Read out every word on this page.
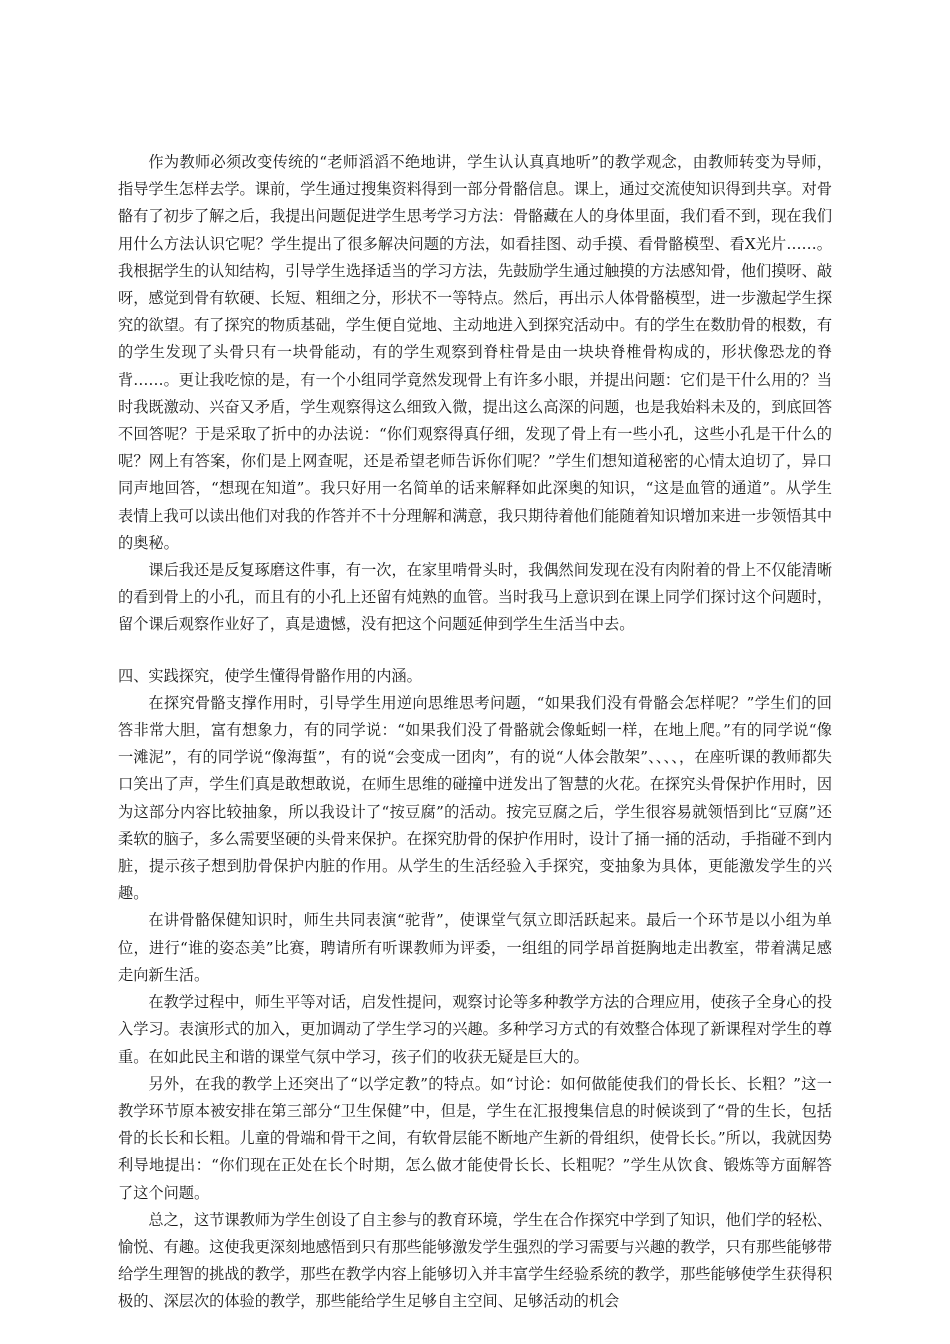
作为教师必须改变传统的“老师滔滔不绝地讲，学生认认真真地听”的教学观念，由教师转变为导师，指导学生怎样去学。课前，学生通过搜集资料得到一部分骨骼信息。课上，通过交流使知识得到共享。对骨骼有了初步了解之后，我提出问题促进学生思考学习方法：骨骼藏在人的身体里面，我们看不到，现在我们用什么方法认识它呢？学生提出了很多解决问题的方法，如看挂图、动手摸、看骨骼模型、看X光片……。我根据学生的认知结构，引导学生选择适当的学习方法，先鼓励学生通过触摸的方法感知骨，他们摸呀、敲呀，感觉到骨有软硬、长短、粗细之分，形状不一等特点。然后，再出示人体骨骼模型，进一步激起学生探究的欲望。有了探究的物质基础，学生便自觉地、主动地进入到探究活动中。有的学生在数肋骨的根数，有的学生发现了头骨只有一块骨能动，有的学生观察到脊柱骨是由一块块脊椎骨构成的，形状像恐龙的脊背……。更让我吃惊的是，有一个小组同学竟然发现骨上有许多小眼，并提出问题：它们是干什么用的？当时我既激动、兴奋又矛盾，学生观察得这么细致入微，提出这么高深的问题，也是我始料未及的，到底回答不回答呢？于是采取了折中的办法说：“你们观察得真仔细，发现了骨上有一些小孔，这些小孔是干什么的呢？网上有答案，你们是上网查呢，还是希望老师告诉你们呢？”学生们想知道秘密的心情太迫切了，异口同声地回答，“想现在知道”。我只好用一名简单的话来解释如此深奥的知识，“这是血管的通道”。从学生表情上我可以读出他们对我的作答并不十分理解和满意，我只期待着他们能随着知识增加来进一步领悟其中的奥秘。

课后我还是反复琢磨这件事，有一次，在家里啃骨头时，我偶然间发现在没有肉附着的骨上不仅能清晰的看到骨上的小孔，而且有的小孔上还留有炖熟的血管。当时我马上意识到在课上同学们探讨这个问题时，留个课后观察作业好了，真是遗憾，没有把这个问题延伸到学生生活当中去。

四、实践探究，使学生懂得骨骼作用的内涵。

在探究骨骼支撑作用时，引导学生用逆向思维思考问题，“如果我们没有骨骼会怎样呢？”学生们的回答非常大胆，富有想象力，有的同学说：“如果我们没了骨骼就会像蚯蚓一样，在地上爬。”有的同学说“像一滩泥”，有的同学说“像海蜇”，有的说“会变成一团肉”，有的说“人体会散架”、、、、，在座听课的教师都失口笑出了声，学生们真是敢想敢说，在师生思维的碰撞中迸发出了智慧的火花。在探究头骨保护作用时，因为这部分内容比较抽象，所以我设计了“按豆腐”的活动。按完豆腐之后，学生很容易就领悟到比“豆腐”还柔软的脑子，多么需要坚硬的头骨来保护。在探究肋骨的保护作用时，设计了捅一捅的活动，手指碰不到内脏，提示孩子想到肋骨保护内脏的作用。从学生的生活经验入手探究，变抽象为具体，更能激发学生的兴趣。

在讲骨骼保健知识时，师生共同表演“驼背”，使课堂气氛立即活跃起来。最后一个环节是以小组为单位，进行“谁的姿态美”比赛，聘请所有听课教师为评委，一组组的同学昂首挺胸地走出教室，带着满足感走向新生活。

在教学过程中，师生平等对话，启发性提问，观察讨论等多种教学方法的合理应用，使孩子全身心的投入学习。表演形式的加入，更加调动了学生学习的兴趣。多种学习方式的有效整合体现了新课程对学生的尊重。在如此民主和谐的课堂气氛中学习，孩子们的收获无疑是巨大的。

另外，在我的教学上还突出了“以学定教”的特点。如“讨论：如何做能使我们的骨长长、长粗？”这一教学环节原本被安排在第三部分“卫生保健”中，但是，学生在汇报搜集信息的时候谈到了“骨的生长，包括骨的长长和长粗。儿童的骨端和骨干之间，有软骨层能不断地产生新的骨组织，使骨长长。”所以，我就因势利导地提出：“你们现在正处在长个时期，怎么做才能使骨长长、长粗呢？”学生从饮食、锻炼等方面解答了这个问题。

总之，这节课教师为学生创设了自主参与的教育环境，学生在合作探究中学到了知识，他们学的轻松、愉悦、有趣。这使我更深刻地感悟到只有那些能够激发学生强烈的学习需要与兴趣的教学，只有那些能够带给学生理智的挑战的教学，那些在教学内容上能够切入并丰富学生经验系统的教学，那些能够使学生获得积极的、深层次的体验的教学，那些能给学生足够自主空间、足够活动的机会
